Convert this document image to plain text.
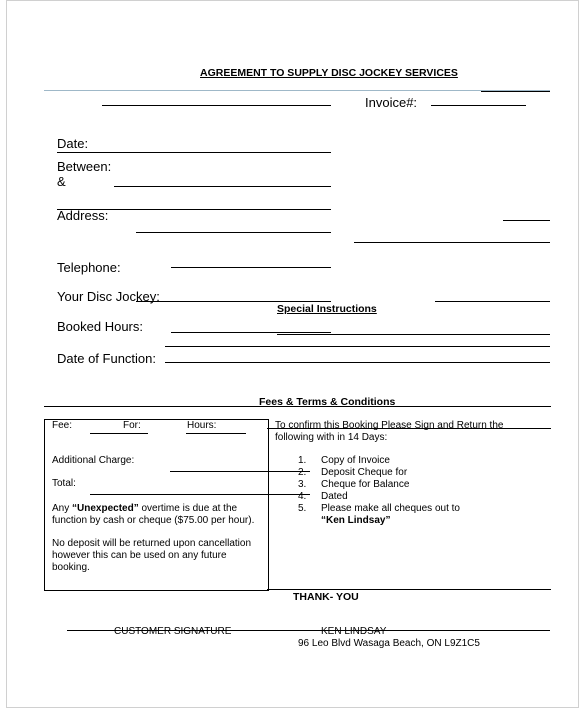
AGREEMENT TO SUPPLY DISC JOCKEY SERVICES
Invoice#:
Date:
Between:
&
Address:
Telephone:
Your Disc Jockey:
Special Instructions
Booked Hours:
Date of Function:
Fees & Terms & Conditions
Fee:	For:	Hours:
Additional Charge:
Total:
Any “Unexpected” overtime is due at the
function by cash or cheque ($75.00 per hour).
No deposit will be returned upon cancellation
however this can be used on any future
booking.
To confirm this Booking Please Sign and Return the
following with in 14 Days:
1. Copy of Invoice
2. Deposit Cheque for
3. Cheque for Balance
4. Dated
5. Please make all cheques out to
“Ken Lindsay”
THANK- YOU
CUSTOMER SIGNATURE	KEN LINDSAY
96 Leo Blvd Wasaga Beach, ON L9Z1C5
